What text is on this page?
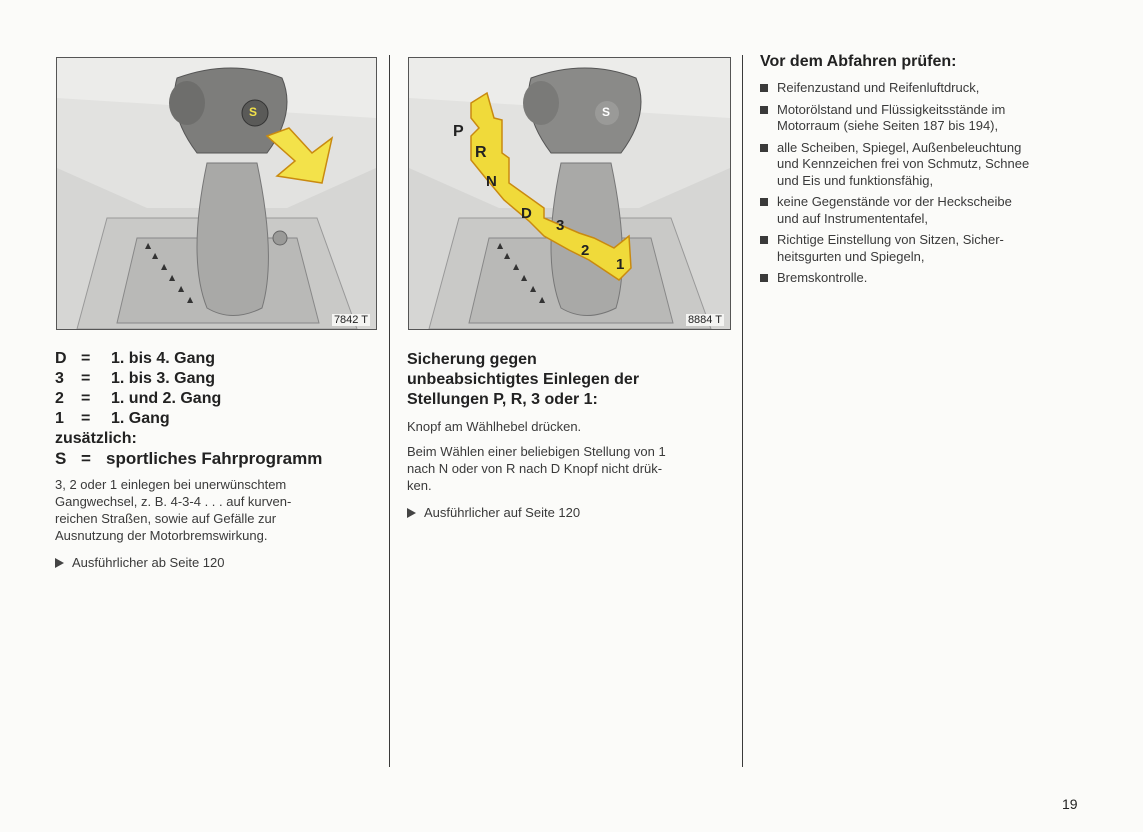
▲
▲
▲
▲
▲
▲
S
7842 T
▲
▲
▲
▲
▲
▲
S
P
R
N
D
3
2
1
8884 T
D =	1. bis 4. Gang
3	=	1. bis 3. Gang
2	=	1. und 2. Gang
1	=	1. Gang
zusätzlich:
S = sportliches Fahrprogramm
3, 2 oder 1 einlegen bei unerwünschtem
Gangwechsel, z. B. 4-3-4 . . . auf kurven-
reichen Straßen, sowie auf Gefälle zur
Ausnutzung der Motorbremswirkung.
Ausführlicher ab Seite 120
Sicherung gegen
unbeabsichtigtes Einlegen der
Stellungen P, R, 3 oder 1:
Knopf am Wählhebel drücken.
Beim Wählen einer beliebigen Stellung von 1
nach N oder von R nach D Knopf nicht drük-
ken.
Ausführlicher auf Seite 120
Vor dem Abfahren prüfen:
Reifenzustand und Reifenluftdruck,
Motorölstand und Flüssigkeitsstände im
Motorraum (siehe Seiten 187 bis 194),
alle Scheiben, Spiegel, Außenbeleuchtung
und Kennzeichen frei von Schmutz, Schnee
und Eis und funktionsfähig,
keine Gegenstände vor der Heckscheibe
und auf Instrumententafel,
Richtige Einstellung von Sitzen, Sicher-
heitsgurten und Spiegeln,
Bremskontrolle.
19
